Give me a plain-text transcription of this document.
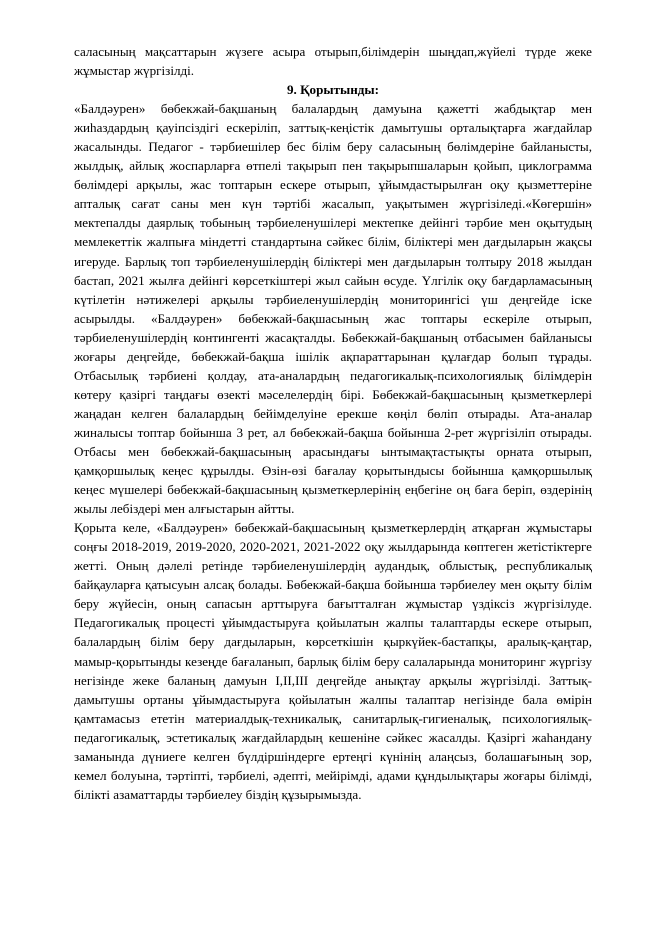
саласының мақсаттарын жүзеге асыра отырып,білімдерін шыңдап,жүйелі түрде жеке жұмыстар жүргізілді.

9. Қорытынды:

«Балдәурен» бөбекжай-бақшаның балалардың дамуына қажетті жабдықтар мен жиһаздардың қауіпсіздігі ескеріліп, заттық-кеңістік дамытушы орталықтарға жағдайлар жасалынды. Педагог - тәрбиешілер бес білім беру саласының бөлімдеріне байланысты, жылдық, айлық жоспарларға өтпелі тақырып пен тақырыпшаларын қойып, циклограмма бөлімдері арқылы, жас топтарын ескере отырып, ұйымдастырылған оқу қызметтеріне апталық сағат саны мен күн тәртібі жасалып, уақытымен жүргізіледі.«Көгершін» мектепалды даярлық тобының тәрбиеленушілері мектепке дейінгі тәрбие мен оқытудың мемлекеттік жалпыға міндетті стандартына сәйкес білім, біліктері мен дағдыларын жақсы игеруде. Барлық топ тәрбиеленушілердің біліктері мен дағдыларын толтыру 2018 жылдан бастап, 2021 жылға дейінгі көрсеткіштері жыл сайын өсуде. Үлгілік оқу бағдарламасының күтілетін нәтижелері арқылы тәрбиеленушілердің мониторингісі үш деңгейде іске асырылды. «Балдәурен» бөбекжай-бақшасының жас топтары ескеріле отырып, тәрбиеленушілердің контингенті жасақталды. Бөбекжай-бақшаның отбасымен байланысы жоғары деңгейде, бөбекжай-бақша ішілік ақпараттарынан құлағдар болып тұрады. Отбасылық тәрбиені қолдау, ата-аналардың педагогикалық-психологиялық білімдерін көтеру қазіргі таңдағы өзекті мәселелердің бірі. Бөбекжай-бақшасының қызметкерлері жаңадан келген балалардың бейімделуіне ерекше көңіл бөліп отырады. Ата-аналар жиналысы топтар бойынша 3 рет, ал бөбекжай-бақша бойынша 2-рет жүргізіліп отырады. Отбасы мен бөбекжай-бақшасының арасындағы ынтымақтастықты орната отырып, қамқоршылық кеңес құрылды. Өзін-өзі бағалау қорытындысы бойынша қамқоршылық кеңес мүшелері бөбекжай-бақшасының қызметкерлерінің еңбегіне оң баға беріп, өздерінің жылы лебіздері мен алғыстарын айтты.

Қорыта келе, «Балдәурен» бөбекжай-бақшасының қызметкерлердің атқарған жұмыстары соңғы 2018-2019, 2019-2020, 2020-2021, 2021-2022 оқу жылдарында көптеген жетістіктерге жетті. Оның дәлелі ретінде тәрбиеленушілердің аудандық, облыстық, республикалық байқауларға қатысуын алсақ болады. Бөбекжай-бақша бойынша тәрбиелеу мен оқыту білім беру жүйесін, оның сапасын арттыруға бағытталған жұмыстар үздіксіз жүргізілуде. Педагогикалық процесті ұйымдастыруға қойылатын жалпы талаптарды ескере отырып, балалардың білім беру дағдыларын, көрсеткішін қыркүйек-бастапқы, аралық-қаңтар, мамыр-қорытынды кезеңде бағаланып, барлық білім беру салаларында мониторинг жүргізу негізінде жеке баланың дамуын І,ІІ,ІІІ деңгейде анықтау арқылы жүргізілді. Заттық-дамытушы ортаны ұйымдастыруға қойылатын жалпы талаптар негізінде бала өмірін қамтамасыз ететін материалдық-техникалық, санитарлық-гигиеналық, психологиялық-педагогикалық, эстетикалық жағдайлардың кешеніне сәйкес жасалды. Қазіргі жаһандану заманында дүниеге келген бүлдіршіндерге ертеңгі күнінің алаңсыз, болашағының зор, кемел болуына, тәртіпті, тәрбиелі, әдепті, мейірімді, адами құндылықтары жоғары білімді, білікті азаматтарды тәрбиелеу біздің құзырымызда.
